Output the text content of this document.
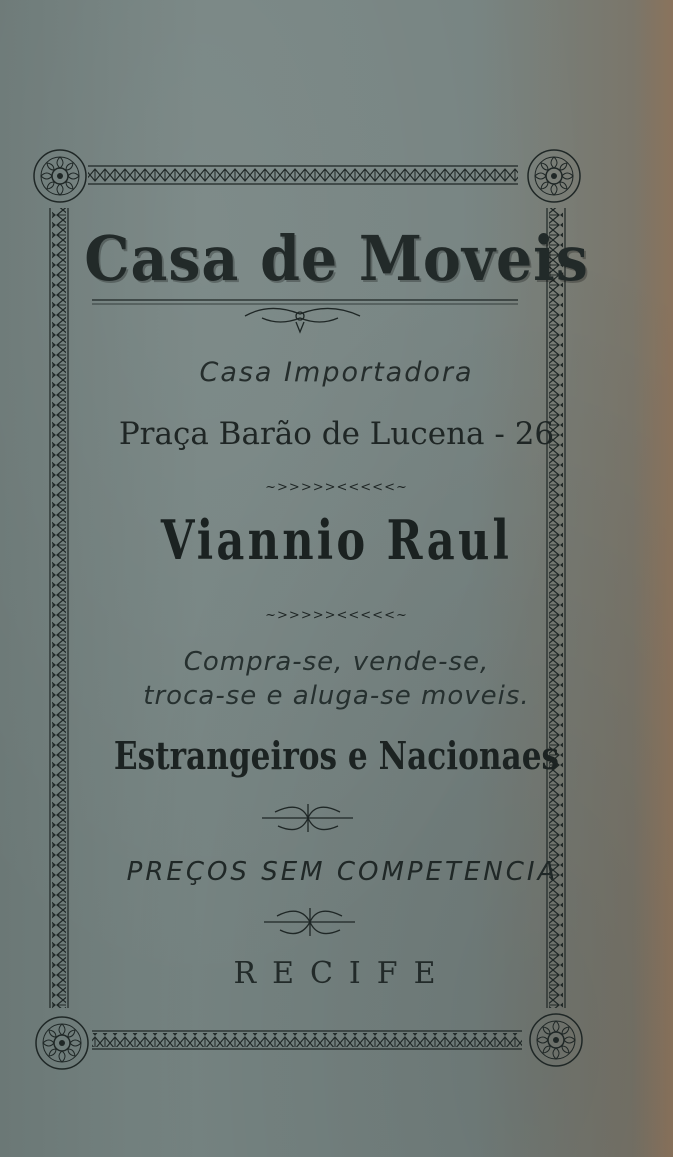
Casa de Moveis
Casa Importadora
Praça Barão de Lucena - 26
~>>>>><<<<<~
Viannio Raul
~>>>>><<<<<~
Compra-se, vende-se, troca-se e aluga-se moveis.
Estrangeiros e Nacionaes
PREÇOS SEM COMPETENCIA
RECIFE
